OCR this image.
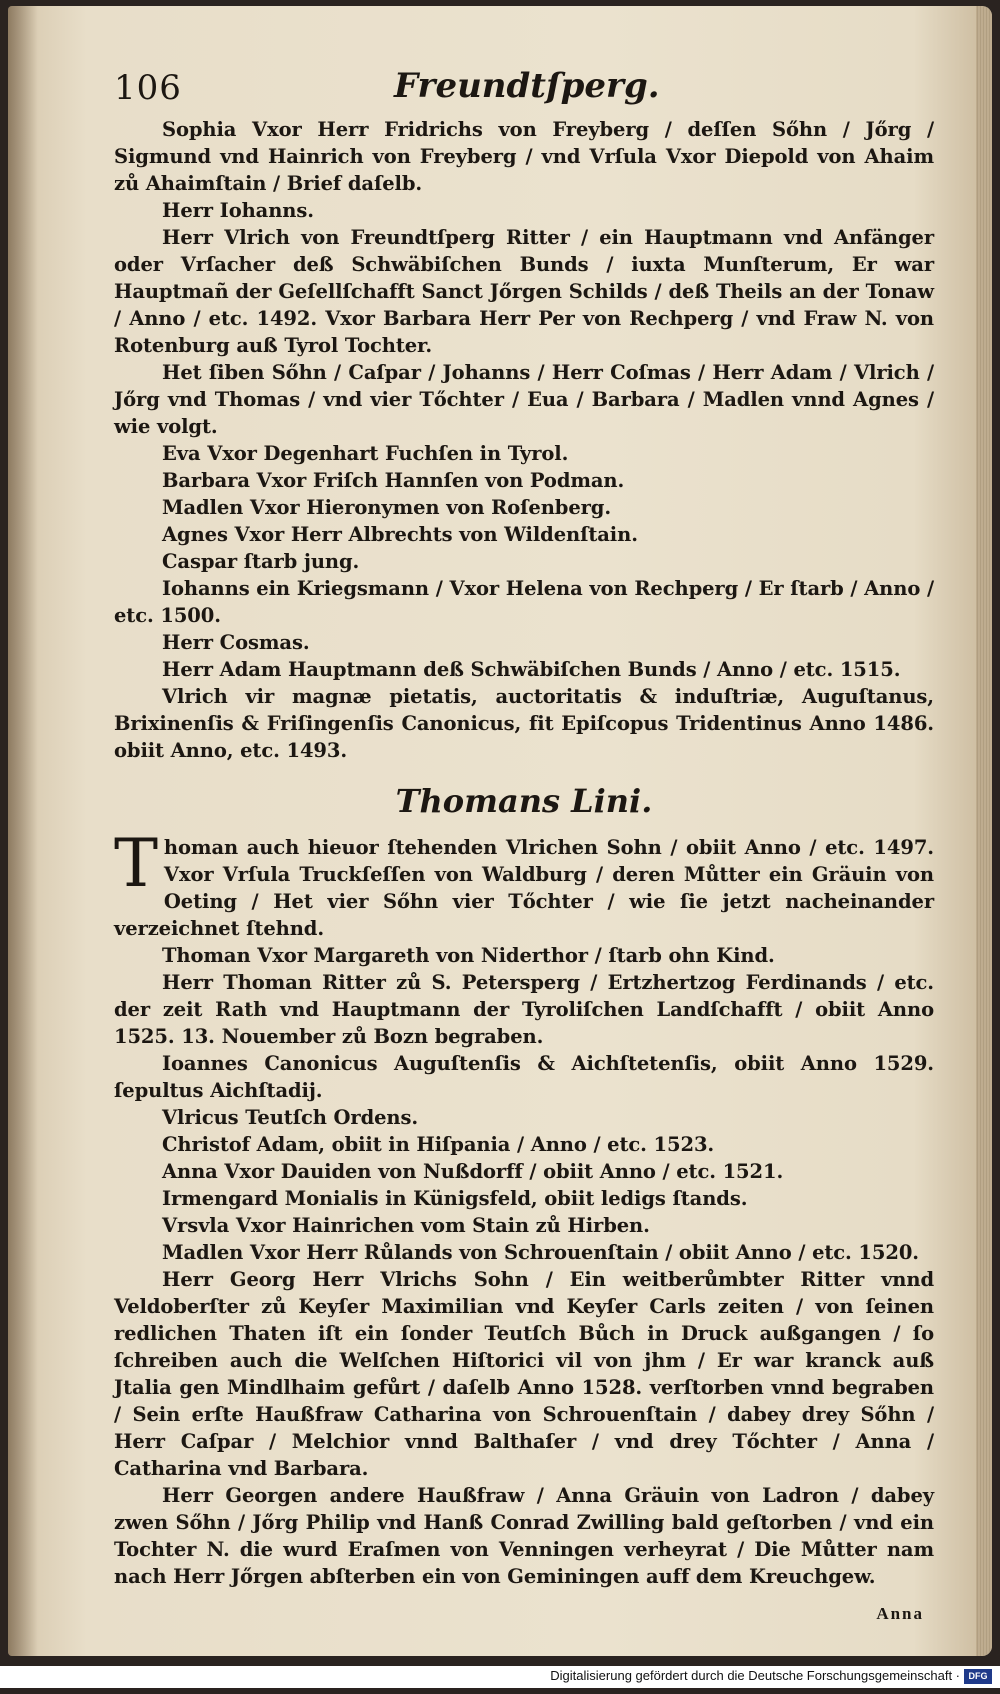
106	Freundtſperg.

Sophia Vxor Herr Fridrichs von Freyberg / deſſen Sőhn / Jőrg / Sigmund vnd Hainrich von Freyberg / vnd Vrſula Vxor Diepold von Ahaim zů Ahaimſtain / Brief daſelb.

Herr Iohanns.

Herr Vlrich von Freundtſperg Ritter / ein Hauptmann vnd Anfänger oder Vrſacher deß Schwäbiſchen Bunds / iuxta Munſterum, Er war Hauptmañ der Geſellſchafft Sanct Jőrgen Schilds / deß Theils an der Tonaw / Anno / etc. 1492. Vxor Barbara Herr Per von Rechperg / vnd Fraw N. von Rotenburg auß Tyrol Tochter.

Het ſiben Sőhn / Caſpar / Johanns / Herr Coſmas / Herr Adam / Vlrich / Jőrg vnd Thomas / vnd vier Tőchter / Eua / Barbara / Madlen vnnd Agnes / wie volgt.

Eva Vxor Degenhart Fuchſen in Tyrol.

Barbara Vxor Friſch Hannſen von Podman.

Madlen Vxor Hieronymen von Roſenberg.

Agnes Vxor Herr Albrechts von Wildenſtain.

Caspar ſtarb jung.

Iohanns ein Kriegsmann / Vxor Helena von Rechperg / Er ſtarb / Anno / etc. 1500.

Herr Cosmas.

Herr Adam Hauptmann deß Schwäbiſchen Bunds / Anno / etc. 1515.

Vlrich vir magnæ pietatis, auctoritatis & induſtriæ, Auguſtanus, Brixinenſis & Friſingenſis Canonicus, fit Epiſcopus Tridentinus Anno 1486. obiit Anno, etc. 1493.

Thomans Lini.

Thoman auch hieuor ſtehenden Vlrichen Sohn / obiit Anno / etc. 1497. Vxor Vrſula Truckſeſſen von Waldburg / deren Můtter ein Gräuin von Oeting / Het vier Sőhn vier Tőchter / wie ſie jetzt nacheinander verzeichnet ſtehnd.

Thoman Vxor Margareth von Niderthor / ſtarb ohn Kind.

Herr Thoman Ritter zů S. Petersperg / Ertzhertzog Ferdinands / etc. der zeit Rath vnd Hauptmann der Tyroliſchen Landſchafft / obiit Anno 1525. 13. Nouember zů Bozn begraben.

Ioannes Canonicus Auguſtenſis & Aichſtetenſis, obiit Anno 1529. ſepultus Aichſtadij.

Vlricus Teutſch Ordens.

Christof Adam, obiit in Hiſpania / Anno / etc. 1523.

Anna Vxor Dauiden von Nußdorff / obiit Anno / etc. 1521.

Irmengard Monialis in Künigsfeld, obiit ledigs ſtands.

Vrsvla Vxor Hainrichen vom Stain zů Hirben.

Madlen Vxor Herr Růlands von Schrouenſtain / obiit Anno / etc. 1520.

Herr Georg Herr Vlrichs Sohn / Ein weitberůmbter Ritter vnnd Veldoberſter zů Keyſer Maximilian vnd Keyſer Carls zeiten / von ſeinen redlichen Thaten iſt ein ſonder Teutſch Bůch in Druck außgangen / ſo ſchreiben auch die Welſchen Hiſtorici vil von jhm / Er war kranck auß Jtalia gen Mindlhaim gefůrt / daſelb Anno 1528. verſtorben vnnd begraben / Sein erſte Haußfraw Catharina von Schrouenſtain / dabey drey Sőhn / Herr Caſpar / Melchior vnnd Balthaſer / vnd drey Tőchter / Anna / Catharina vnd Barbara.

Herr Georgen andere Haußfraw / Anna Gräuin von Ladron / dabey zwen Sőhn / Jőrg Philip vnd Hanß Conrad Zwilling bald geſtorben / vnd ein Tochter N. die wurd Eraſmen von Venningen verheyrat / Die Můtter nam nach Herr Jőrgen abſterben ein von Geminingen auff dem Kreuchgew.

Anna
Digitalisierung gefördert durch die Deutsche Forschungsgemeinschaft · DFG
